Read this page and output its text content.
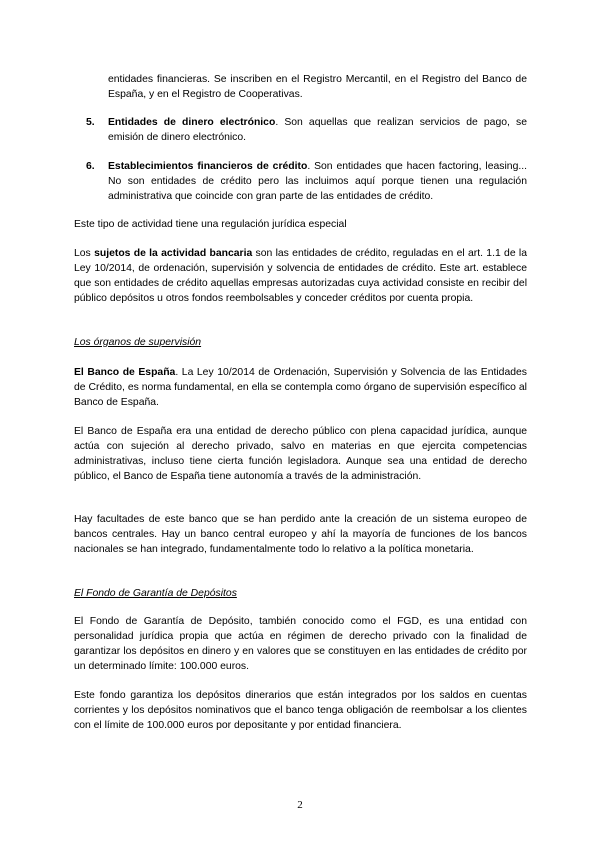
entidades financieras. Se inscriben en el Registro Mercantil, en el Registro del Banco de España, y en el Registro de Cooperativas.
5. Entidades de dinero electrónico. Son aquellas que realizan servicios de pago, se emisión de dinero electrónico.
6. Establecimientos financieros de crédito. Son entidades que hacen factoring, leasing... No son entidades de crédito pero las incluimos aquí porque tienen una regulación administrativa que coincide con gran parte de las entidades de crédito.
Este tipo de actividad tiene una regulación jurídica especial
Los sujetos de la actividad bancaria son las entidades de crédito, reguladas en el art. 1.1 de la Ley 10/2014, de ordenación, supervisión y solvencia de entidades de crédito. Este art. establece que son entidades de crédito aquellas empresas autorizadas cuya actividad consiste en recibir del público depósitos u otros fondos reembolsables y conceder créditos por cuenta propia.
Los órganos de supervisión
El Banco de España. La Ley 10/2014 de Ordenación, Supervisión y Solvencia de las Entidades de Crédito, es norma fundamental, en ella se contempla como órgano de supervisión específico al Banco de España.
El Banco de España era una entidad de derecho público con plena capacidad jurídica, aunque actúa con sujeción al derecho privado, salvo en materias en que ejercita competencias administrativas, incluso tiene cierta función legisladora. Aunque sea una entidad de derecho público, el Banco de España tiene autonomía a través de la administración.
Hay facultades de este banco que se han perdido ante la creación de un sistema europeo de bancos centrales. Hay un banco central europeo y ahí la mayoría de funciones de los bancos nacionales se han integrado, fundamentalmente todo lo relativo a la política monetaria.
El Fondo de Garantía de Depósitos
El Fondo de Garantía de Depósito, también conocido como el FGD, es una entidad con personalidad jurídica propia que actúa en régimen de derecho privado con la finalidad de garantizar los depósitos en dinero y en valores que se constituyen en las entidades de crédito por un determinado límite: 100.000 euros.
Este fondo garantiza los depósitos dinerarios que están integrados por los saldos en cuentas corrientes y los depósitos nominativos que el banco tenga obligación de reembolsar a los clientes con el límite de 100.000 euros por depositante y por entidad financiera.
2
